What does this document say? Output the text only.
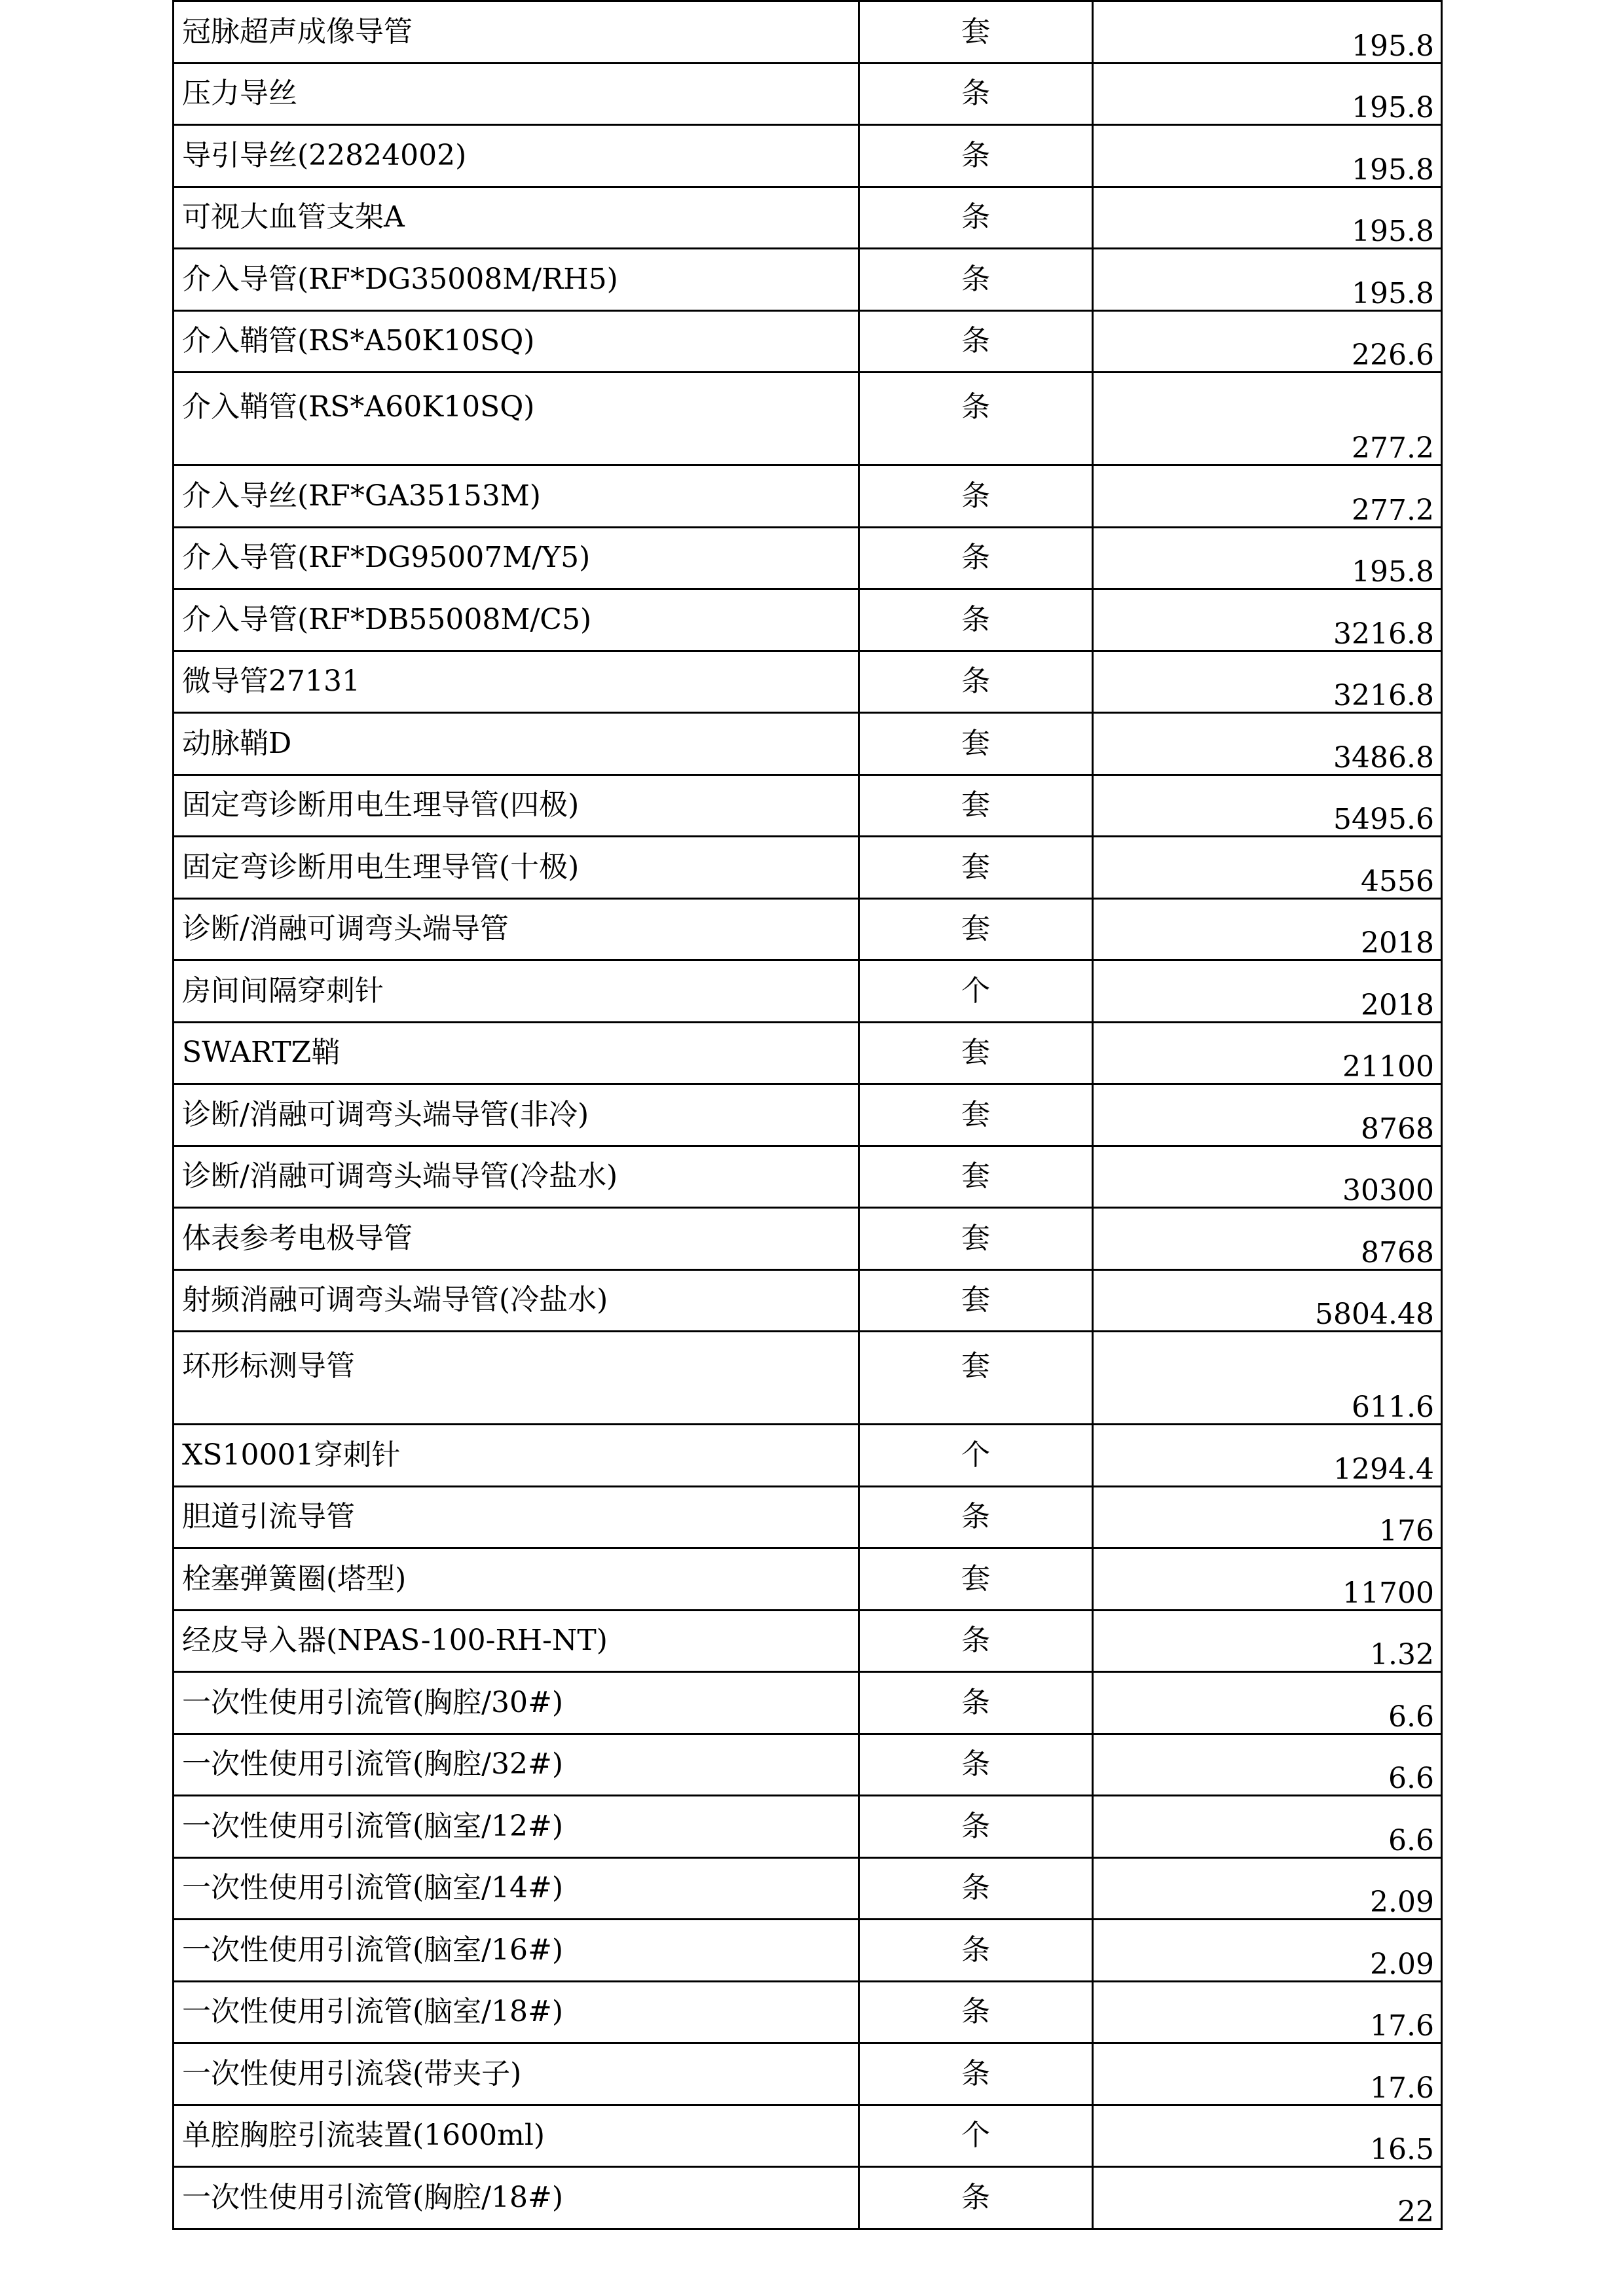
冠脉超声成像导管	套	195.8
压力导丝	条	195.8
导引导丝(22824002)	条	195.8
可视大血管支架A	条	195.8
介入导管(RF*DG35008M/RH5)	条	195.8
介入鞘管(RS*A50K10SQ)	条	226.6
介入鞘管(RS*A60K10SQ)	条	277.2
介入导丝(RF*GA35153M)	条	277.2
介入导管(RF*DG95007M/Y5)	条	195.8
介入导管(RF*DB55008M/C5)	条	3216.8
微导管27131	条	3216.8
动脉鞘D	套	3486.8
固定弯诊断用电生理导管(四极)	套	5495.6
固定弯诊断用电生理导管(十极)	套	4556
诊断/消融可调弯头端导管	套	2018
房间间隔穿刺针	个	2018
SWARTZ鞘	套	21100
诊断/消融可调弯头端导管(非冷)	套	8768
诊断/消融可调弯头端导管(冷盐水)	套	30300
体表参考电极导管	套	8768
射频消融可调弯头端导管(冷盐水)	套	5804.48
环形标测导管	套	611.6
XS10001穿刺针	个	1294.4
胆道引流导管	条	176
栓塞弹簧圈(塔型)	套	11700
经皮导入器(NPAS-100-RH-NT)	条	1.32
一次性使用引流管(胸腔/30#)	条	6.6
一次性使用引流管(胸腔/32#)	条	6.6
一次性使用引流管(脑室/12#)	条	6.6
一次性使用引流管(脑室/14#)	条	2.09
一次性使用引流管(脑室/16#)	条	2.09
一次性使用引流管(脑室/18#)	条	17.6
一次性使用引流袋(带夹子)	条	17.6
单腔胸腔引流装置(1600ml)	个	16.5
一次性使用引流管(胸腔/18#)	条	22
